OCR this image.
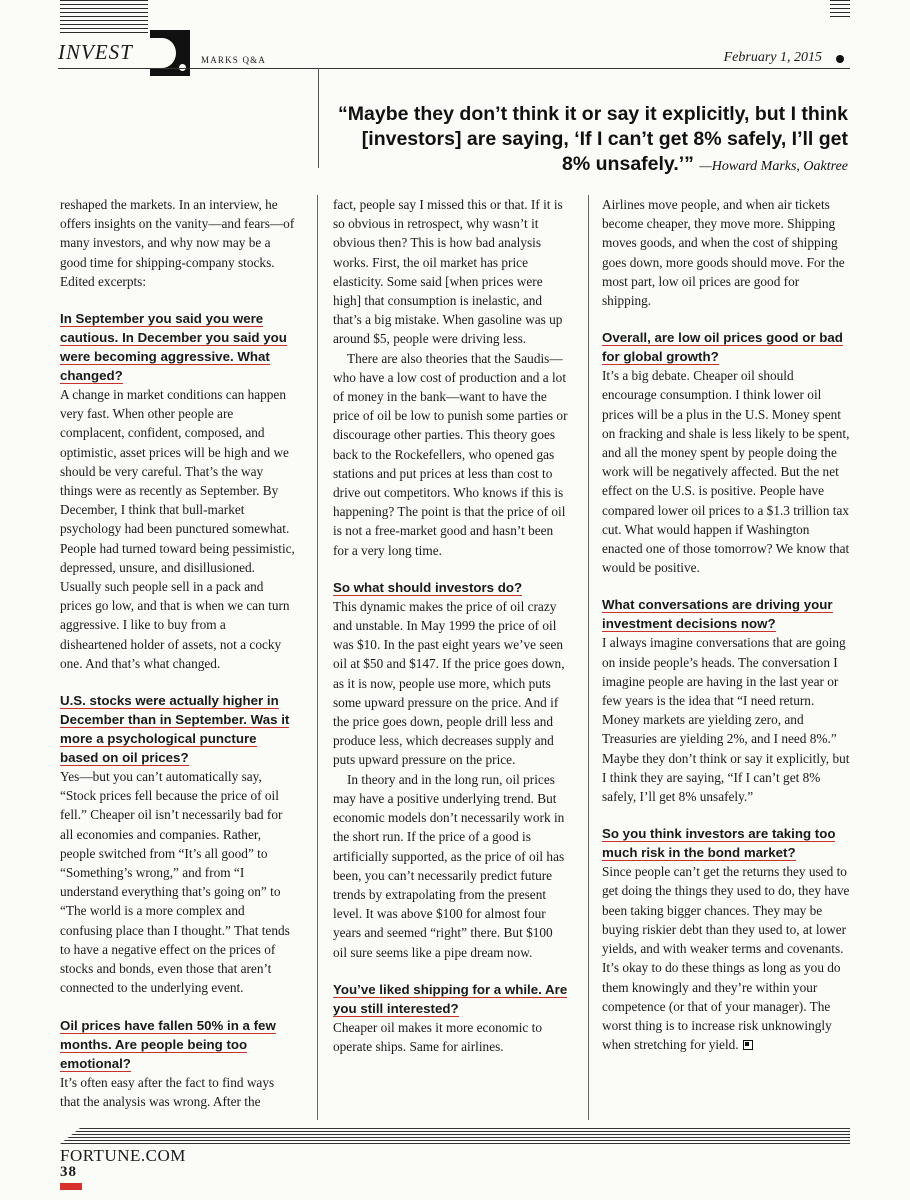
INVEST	MARKS Q&A	February 1, 2015
“Maybe they don’t think it or say it explicitly, but I think [investors] are saying, ‘If I can’t get 8% safely, I’ll get 8% unsafely.’” —Howard Marks, Oaktree

reshaped the markets. In an interview, he offers insights on the vanity—and fears—of many investors, and why now may be a good time for shipping-company stocks. Edited excerpts:

In September you said you were cautious. In December you said you were becoming aggressive. What changed?

A change in market conditions can happen very fast. When other people are complacent, confident, composed, and optimistic, asset prices will be high and we should be very careful. That’s the way things were as recently as September. By December, I think that bull-market psychology had been punctured somewhat. People had turned toward being pessimistic, depressed, unsure, and disillusioned. Usually such people sell in a pack and prices go low, and that is when we can turn aggressive. I like to buy from a disheartened holder of assets, not a cocky one. And that’s what changed.

U.S. stocks were actually higher in December than in September. Was it more a psychological puncture based on oil prices?

Yes—but you can’t automatically say, “Stock prices fell because the price of oil fell.” Cheaper oil isn’t necessarily bad for all economies and companies. Rather, people switched from “It’s all good” to “Something’s wrong,” and from “I understand everything that’s going on” to “The world is a more complex and confusing place than I thought.” That tends to have a negative effect on the prices of stocks and bonds, even those that aren’t connected to the underlying event.

Oil prices have fallen 50% in a few months. Are people being too emotional?

It’s often easy after the fact to find ways that the analysis was wrong. After the

fact, people say I missed this or that. If it is so obvious in retrospect, why wasn’t it obvious then? This is how bad analysis works. First, the oil market has price elasticity. Some said [when prices were high] that consumption is inelastic, and that’s a big mistake. When gasoline was up around $5, people were driving less.

There are also theories that the Saudis—who have a low cost of production and a lot of money in the bank—want to have the price of oil be low to punish some parties or discourage other parties. This theory goes back to the Rockefellers, who opened gas stations and put prices at less than cost to drive out competitors. Who knows if this is happening? The point is that the price of oil is not a free-market good and hasn’t been for a very long time.

So what should investors do?

This dynamic makes the price of oil crazy and unstable. In May 1999 the price of oil was $10. In the past eight years we’ve seen oil at $50 and $147. If the price goes down, as it is now, people use more, which puts some upward pressure on the price. And if the price goes down, people drill less and produce less, which decreases supply and puts upward pressure on the price.

In theory and in the long run, oil prices may have a positive underlying trend. But economic models don’t necessarily work in the short run. If the price of a good is artificially supported, as the price of oil has been, you can’t necessarily predict future trends by extrapolating from the present level. It was above $100 for almost four years and seemed “right” there. But $100 oil sure seems like a pipe dream now.

You’ve liked shipping for a while. Are you still interested?

Cheaper oil makes it more economic to operate ships. Same for airlines.

Airlines move people, and when air tickets become cheaper, they move more. Shipping moves goods, and when the cost of shipping goes down, more goods should move. For the most part, low oil prices are good for shipping.

Overall, are low oil prices good or bad for global growth?

It’s a big debate. Cheaper oil should encourage consumption. I think lower oil prices will be a plus in the U.S. Money spent on fracking and shale is less likely to be spent, and all the money spent by people doing the work will be negatively affected. But the net effect on the U.S. is positive. People have compared lower oil prices to a $1.3 trillion tax cut. What would happen if Washington enacted one of those tomorrow? We know that would be positive.

What conversations are driving your investment decisions now?

I always imagine conversations that are going on inside people’s heads. The conversation I imagine people are having in the last year or few years is the idea that “I need return. Money markets are yielding zero, and Treasuries are yielding 2%, and I need 8%.” Maybe they don’t think or say it explicitly, but I think they are saying, “If I can’t get 8% safely, I’ll get 8% unsafely.”

So you think investors are taking too much risk in the bond market?

Since people can’t get the returns they used to get doing the things they used to do, they have been taking bigger chances. They may be buying riskier debt than they used to, at lower yields, and with weaker terms and covenants. It’s okay to do these things as long as you do them knowingly and they’re within your competence (or that of your manager). The worst thing is to increase risk unknowingly when stretching for yield.

FORTUNE.COM
38
